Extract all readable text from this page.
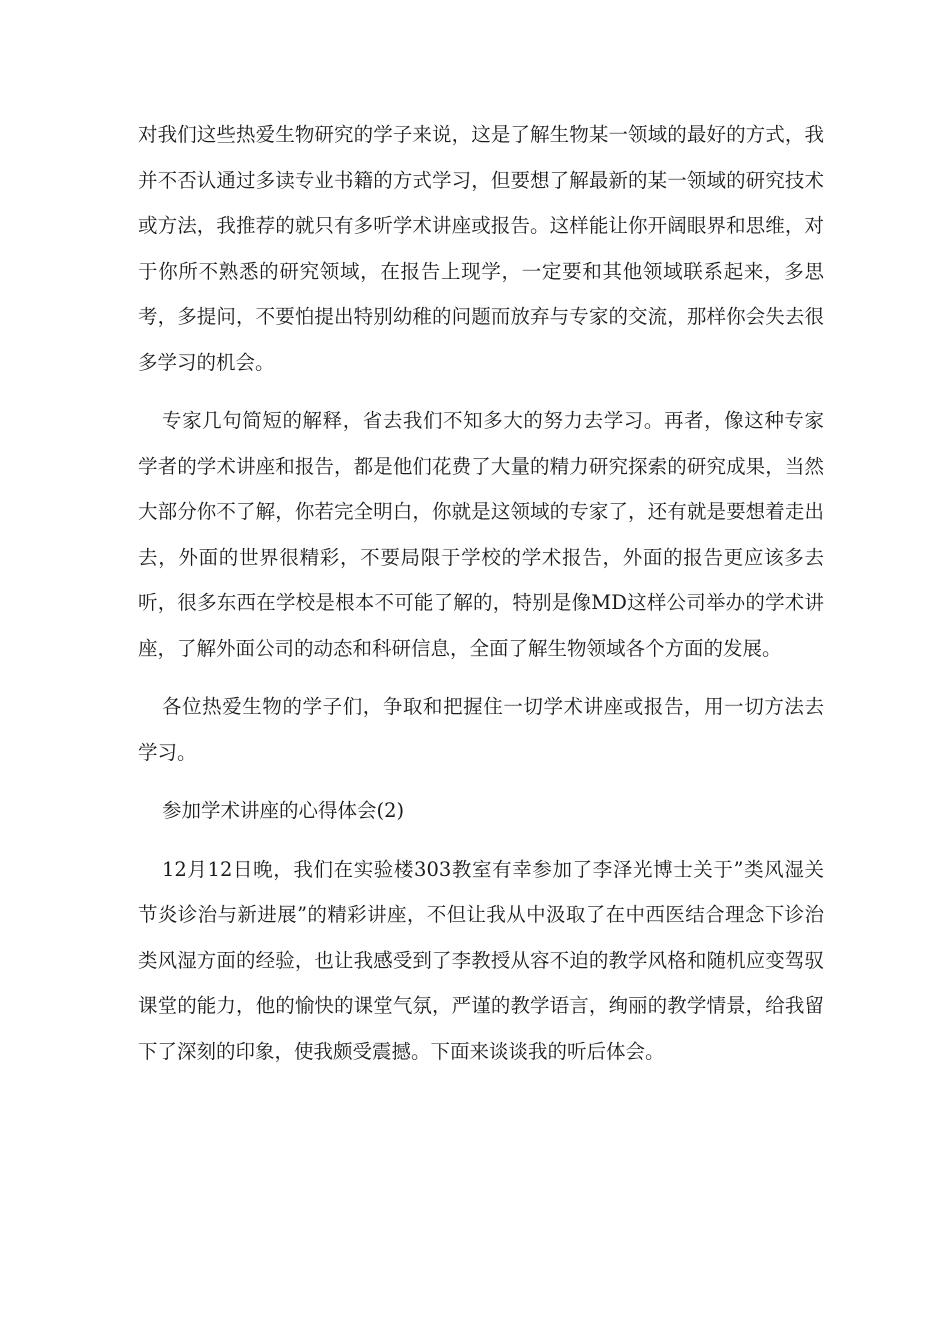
对我们这些热爱生物研究的学子来说，这是了解生物某一领域的最好的方式，我并不否认通过多读专业书籍的方式学习，但要想了解最新的某一领域的研究技术或方法，我推荐的就只有多听学术讲座或报告。这样能让你开阔眼界和思维，对于你所不熟悉的研究领域，在报告上现学，一定要和其他领域联系起来，多思考，多提问，不要怕提出特别幼稚的问题而放弃与专家的交流，那样你会失去很多学习的机会。

专家几句简短的解释，省去我们不知多大的努力去学习。再者，像这种专家学者的学术讲座和报告，都是他们花费了大量的精力研究探索的研究成果，当然大部分你不了解，你若完全明白，你就是这领域的专家了，还有就是要想着走出去，外面的世界很精彩，不要局限于学校的学术报告，外面的报告更应该多去听，很多东西在学校是根本不可能了解的，特别是像MD这样公司举办的学术讲座，了解外面公司的动态和科研信息，全面了解生物领域各个方面的发展。

各位热爱生物的学子们，争取和把握住一切学术讲座或报告，用一切方法去学习。

参加学术讲座的心得体会(2)

12月12日晚，我们在实验楼303教室有幸参加了李泽光博士关于”类风湿关节炎诊治与新进展”的精彩讲座，不但让我从中汲取了在中西医结合理念下诊治类风湿方面的经验，也让我感受到了李教授从容不迫的教学风格和随机应变驾驭课堂的能力，他的愉快的课堂气氛，严谨的教学语言，绚丽的教学情景，给我留下了深刻的印象，使我颇受震撼。下面来谈谈我的听后体会。
